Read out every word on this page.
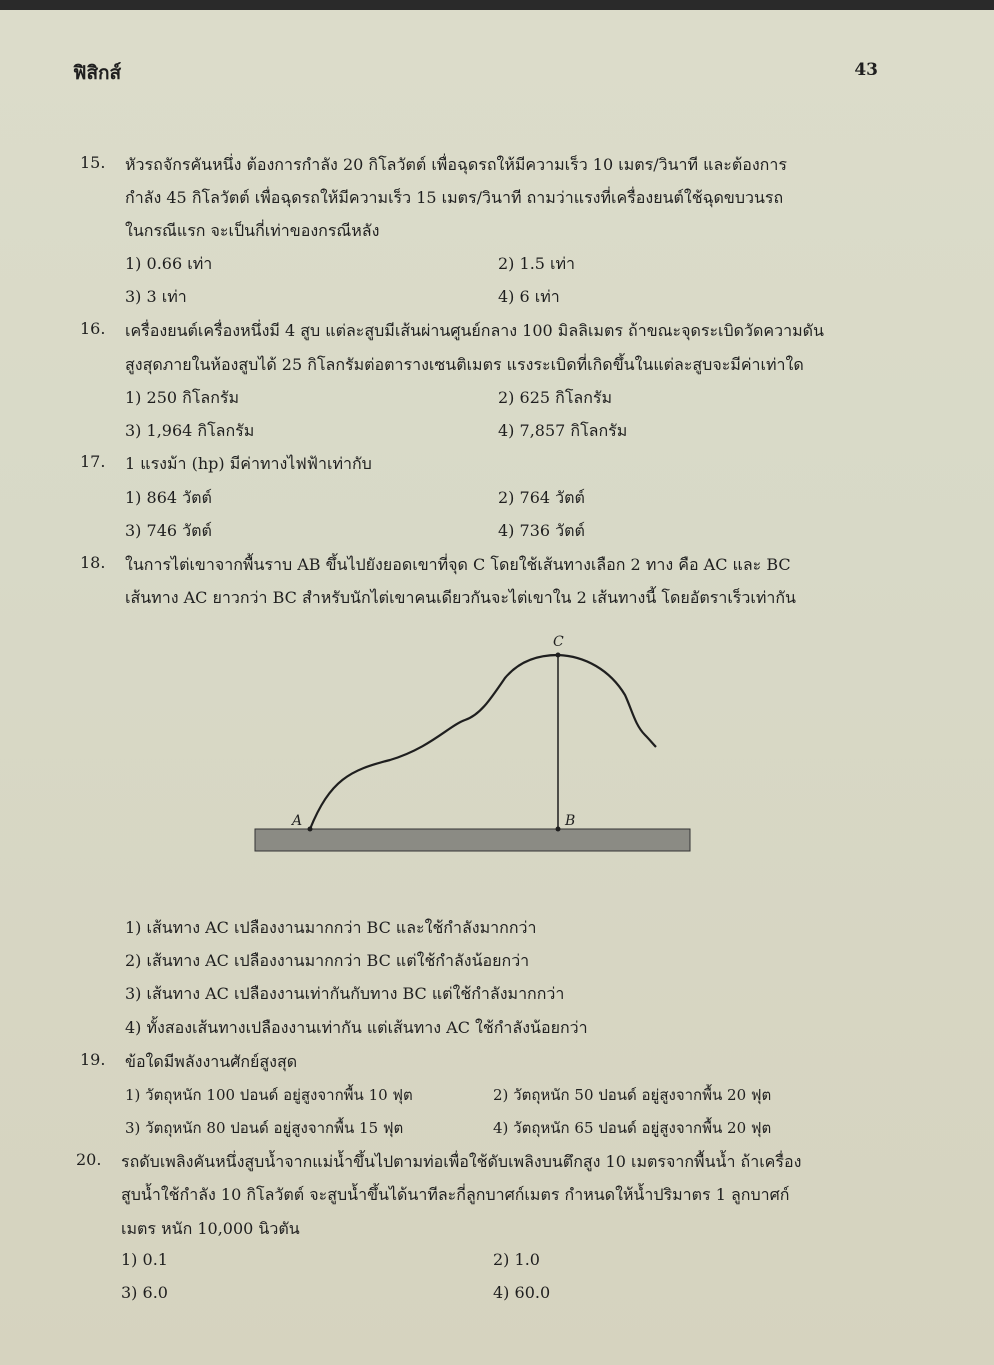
ฟิสิกส์	43
15. หัวรถจักรคันหนึ่ง ต้องการกำลัง 20 กิโลวัตต์ เพื่อฉุดรถให้มีความเร็ว 10 เมตร/วินาที และต้องการ
กำลัง 45 กิโลวัตต์ เพื่อฉุดรถให้มีความเร็ว 15 เมตร/วินาที ถามว่าแรงที่เครื่องยนต์ใช้ฉุดขบวนรถ
ในกรณีแรก จะเป็นกี่เท่าของกรณีหลัง
1) 0.66 เท่า	2) 1.5 เท่า
3) 3 เท่า	4) 6 เท่า
16. เครื่องยนต์เครื่องหนึ่งมี 4 สูบ แต่ละสูบมีเส้นผ่านศูนย์กลาง 100 มิลลิเมตร ถ้าขณะจุดระเบิดวัดความดัน
สูงสุดภายในห้องสูบได้ 25 กิโลกรัมต่อตารางเซนติเมตร แรงระเบิดที่เกิดขึ้นในแต่ละสูบจะมีค่าเท่าใด
1) 250 กิโลกรัม	2) 625 กิโลกรัม
3) 1,964 กิโลกรัม	4) 7,857 กิโลกรัม
17. 1 แรงม้า (hp) มีค่าทางไฟฟ้าเท่ากับ
1) 864 วัตต์	2) 764 วัตต์
3) 746 วัตต์	4) 736 วัตต์
18. ในการไต่เขาจากพื้นราบ AB ขึ้นไปยังยอดเขาที่จุด C โดยใช้เส้นทางเลือก 2 ทาง คือ AC และ BC
เส้นทาง AC ยาวกว่า BC สำหรับนักไต่เขาคนเดียวกันจะไต่เขาใน 2 เส้นทางนี้ โดยอัตราเร็วเท่ากัน
A	B
C
1) เส้นทาง AC เปลืองงานมากกว่า BC และใช้กำลังมากกว่า
2) เส้นทาง AC เปลืองงานมากกว่า BC แต่ใช้กำลังน้อยกว่า
3) เส้นทาง AC เปลืองงานเท่ากันกับทาง BC แต่ใช้กำลังมากกว่า
4) ทั้งสองเส้นทางเปลืองงานเท่ากัน แต่เส้นทาง AC ใช้กำลังน้อยกว่า
19. ข้อใดมีพลังงานศักย์สูงสุด
1) วัตถุหนัก 100 ปอนด์ อยู่สูงจากพื้น 10 ฟุต	2) วัตถุหนัก 50 ปอนด์ อยู่สูงจากพื้น 20 ฟุต
3) วัตถุหนัก 80 ปอนด์ อยู่สูงจากพื้น 15 ฟุต	4) วัตถุหนัก 65 ปอนด์ อยู่สูงจากพื้น 20 ฟุต
20. รถดับเพลิงคันหนึ่งสูบน้ำจากแม่น้ำขึ้นไปตามท่อเพื่อใช้ดับเพลิงบนตึกสูง 10 เมตรจากพื้นน้ำ ถ้าเครื่อง
สูบน้ำใช้กำลัง 10 กิโลวัตต์ จะสูบน้ำขึ้นได้นาทีละกี่ลูกบาศก์เมตร กำหนดให้น้ำปริมาตร 1 ลูกบาศก์
เมตร หนัก 10,000 นิวตัน
1) 0.1	2) 1.0
3) 6.0	4) 60.0
